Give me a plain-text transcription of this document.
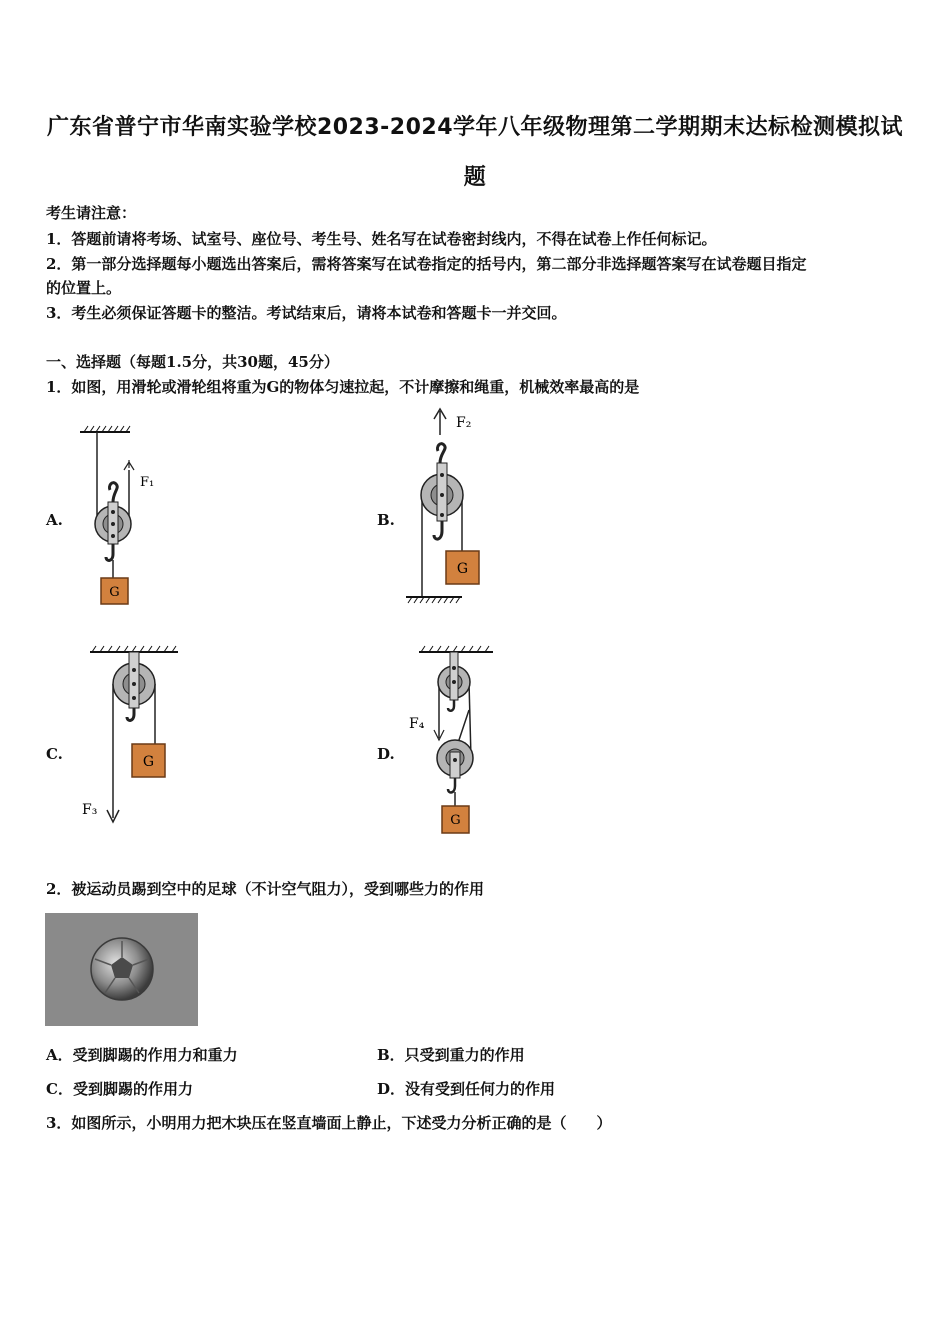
广东省普宁市华南实验学校2023-2024学年八年级物理第二学期期末达标检测模拟试
题
考生请注意：
1．答题前请将考场、试室号、座位号、考生号、姓名写在试卷密封线内，不得在试卷上作任何标记。
2．第一部分选择题每小题选出答案后，需将答案写在试卷指定的括号内，第二部分非选择题答案写在试卷题目指定
的位置上。
3．考生必须保证答题卡的整洁。考试结束后，请将本试卷和答题卡一并交回。
一、选择题（每题1.5分，共30题，45分）
1．如图，用滑轮或滑轮组将重为G的物体匀速拉起，不计摩擦和绳重，机械效率最高的是
A.	B.
C.	D.
G
F₁
F₂
G
G
F₃
G
F₄
2．被运动员踢到空中的足球（不计空气阻力），受到哪些力的作用
A．受到脚踢的作用力和重力	B．只受到重力的作用
C．受到脚踢的作用力	D．没有受到任何力的作用
3．如图所示，小明用力把木块压在竖直墙面上静止，下述受力分析正确的是（　　）
